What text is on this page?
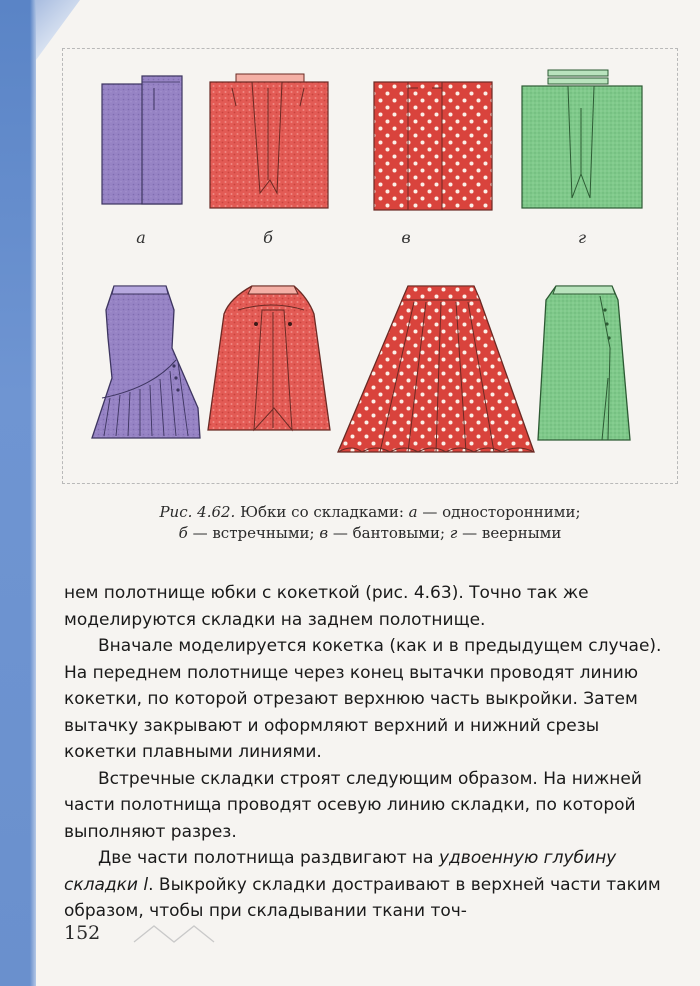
а	б	в	г
Рис. 4.62. Юбки со складками: а — односторонними;
б — встречными; в — бантовыми; г — веерными

нем полотнище юбки с кокеткой (рис. 4.63). Точно так же моделируются складки на заднем полотнище.

Вначале моделируется кокетка (как и в предыдущем случае). На переднем полотнище через конец вытачки проводят линию кокетки, по которой отрезают верхнюю часть выкройки. Затем вытачку закрывают и оформляют верхний и нижний срезы кокетки плавными линиями.

Встречные складки строят следующим образом. На нижней части полотнища проводят осевую линию складки, по которой выполняют разрез.

Две части полотнища раздвигают на удвоенную глубину складки l. Выкройку складки достраивают в верхней части таким образом, чтобы при складывании ткани точ-

152
